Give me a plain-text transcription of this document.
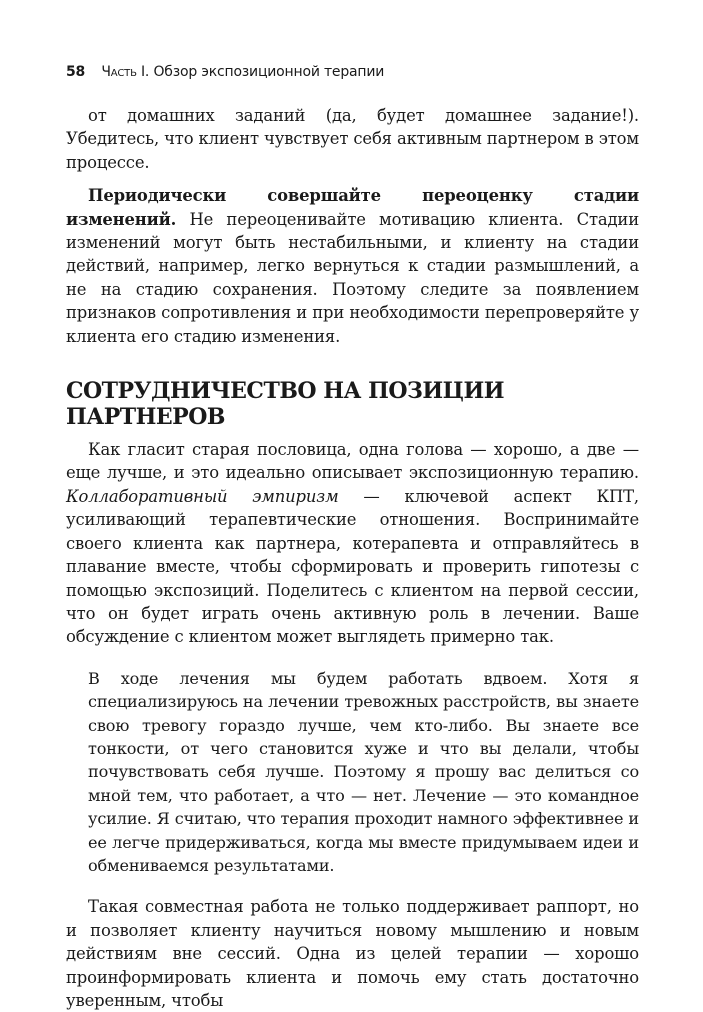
58 Часть I. Обзор экспозиционной терапии

от домашних заданий (да, будет домашнее задание!). Убедитесь, что клиент чувствует себя активным партнером в этом процессе.

Периодически совершайте переоценку стадии изменений. Не переоценивайте мотивацию клиента. Стадии изменений могут быть нестабильными, и клиенту на стадии действий, например, легко вернуться к стадии размышлений, а не на стадию сохранения. Поэтому следите за появлением признаков сопротивления и при необходимости перепроверяйте у клиента его стадию изменения.

СОТРУДНИЧЕСТВО НА ПОЗИЦИИ ПАРТНЕРОВ

Как гласит старая пословица, одна голова — хорошо, а две — еще лучше, и это идеально описывает экспозиционную терапию. Коллаборативный эмпиризм — ключевой аспект КПТ, усиливающий терапевтические отношения. Воспринимайте своего клиента как партнера, котерапевта и отправляйтесь в плавание вместе, чтобы сформировать и проверить гипотезы с помощью экспозиций. Поделитесь с клиентом на первой сессии, что он будет играть очень активную роль в лечении. Ваше обсуждение с клиентом может выглядеть примерно так.

В ходе лечения мы будем работать вдвоем. Хотя я специализируюсь на лечении тревожных расстройств, вы знаете свою тревогу гораздо лучше, чем кто-либо. Вы знаете все тонкости, от чего становится хуже и что вы делали, чтобы почувствовать себя лучше. Поэтому я прошу вас делиться со мной тем, что работает, а что — нет. Лечение — это командное усилие. Я считаю, что терапия проходит намного эффективнее и ее легче придерживаться, когда мы вместе придумываем идеи и обмениваемся результатами.

Такая совместная работа не только поддерживает раппорт, но и позволяет клиенту научиться новому мышлению и новым действиям вне сессий. Одна из целей терапии — хорошо проинформировать клиента и помочь ему стать достаточно уверенным, чтобы
